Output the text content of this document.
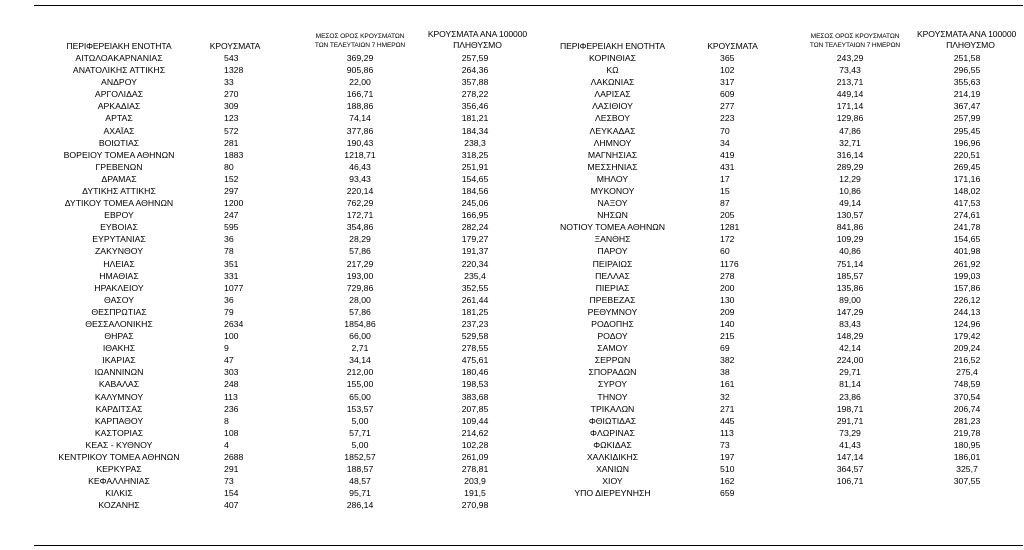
ΠΕΡΙΦΕΡΕΙΑΚΗ ΕΝΟΤΗΤΑ	ΚΡΟΥΣΜΑΤΑ
ΜΕΣΟΣ ΟΡΟΣ ΚΡΟΥΣΜΑΤΩΝ
ΤΩΝ ΤΕΛΕΥΤΑΙΩΝ 7 ΗΜΕΡΩΝ
ΚΡΟΥΣΜΑΤΑ ΑΝΑ 100000
ΠΛΗΘΥΣΜΟ
ΑΙΤΩΛΟΑΚΑΡΝΑΝΙΑΣ	543	369,29	257,59
ΑΝΑΤΟΛΙΚΗΣ ΑΤΤΙΚΗΣ	1328	905,86	264,36
ΑΝΔΡΟΥ	33	22,00	357,88
ΑΡΓΟΛΙΔΑΣ	270	166,71	278,22
ΑΡΚΑΔΙΑΣ	309	188,86	356,46
ΑΡΤΑΣ	123	74,14	181,21
ΑΧΑΪΑΣ	572	377,86	184,34
ΒΟΙΩΤΙΑΣ	281	190,43	238,3
ΒΟΡΕΙΟΥ ΤΟΜΕΑ ΑΘΗΝΩΝ	1883	1218,71	318,25
ΓΡΕΒΕΝΩΝ	80	46,43	251,91
ΔΡΑΜΑΣ	152	93,43	154,65
ΔΥΤΙΚΗΣ ΑΤΤΙΚΗΣ	297	220,14	184,56
ΔΥΤΙΚΟΥ ΤΟΜΕΑ ΑΘΗΝΩΝ	1200	762,29	245,06
ΕΒΡΟΥ	247	172,71	166,95
ΕΥΒΟΙΑΣ	595	354,86	282,24
ΕΥΡΥΤΑΝΙΑΣ	36	28,29	179,27
ΖΑΚΥΝΘΟΥ	78	57,86	191,37
ΗΛΕΙΑΣ	351	217,29	220,34
ΗΜΑΘΙΑΣ	331	193,00	235,4
ΗΡΑΚΛΕΙΟΥ	1077	729,86	352,55
ΘΑΣΟΥ	36	28,00	261,44
ΘΕΣΠΡΩΤΙΑΣ	79	57,86	181,25
ΘΕΣΣΑΛΟΝΙΚΗΣ	2634	1854,86	237,23
ΘΗΡΑΣ	100	66,00	529,58
ΙΘΑΚΗΣ	9	2,71	278,55
ΙΚΑΡΙΑΣ	47	34,14	475,61
ΙΩΑΝΝΙΝΩΝ	303	212,00	180,46
ΚΑΒΑΛΑΣ	248	155,00	198,53
ΚΑΛΥΜΝΟΥ	113	65,00	383,68
ΚΑΡΔΙΤΣΑΣ	236	153,57	207,85
ΚΑΡΠΑΘΟΥ	8	5,00	109,44
ΚΑΣΤΟΡΙΑΣ	108	57,71	214,62
ΚΕΑΣ - ΚΥΘΝΟΥ	4	5,00	102,28
ΚΕΝΤΡΙΚΟΥ ΤΟΜΕΑ ΑΘΗΝΩΝ	2688	1852,57	261,09
ΚΕΡΚΥΡΑΣ	291	188,57	278,81
ΚΕΦΑΛΛΗΝΙΑΣ	73	48,57	203,9
ΚΙΛΚΙΣ	154	95,71	191,5
ΚΟΖΑΝΗΣ	407	286,14	270,98
ΠΕΡΙΦΕΡΕΙΑΚΗ ΕΝΟΤΗΤΑ	ΚΡΟΥΣΜΑΤΑ
ΜΕΣΟΣ ΟΡΟΣ ΚΡΟΥΣΜΑΤΩΝ
ΤΩΝ ΤΕΛΕΥΤΑΙΩΝ 7 ΗΜΕΡΩΝ
ΚΡΟΥΣΜΑΤΑ ΑΝΑ 100000
ΠΛΗΘΥΣΜΟ
ΚΟΡΙΝΘΙΑΣ	365	243,29	251,58
ΚΩ	102	73,43	296,55
ΛΑΚΩΝΙΑΣ	317	213,71	355,63
ΛΑΡΙΣΑΣ	609	449,14	214,19
ΛΑΣΙΘΙΟΥ	277	171,14	367,47
ΛΕΣΒΟΥ	223	129,86	257,99
ΛΕΥΚΑΔΑΣ	70	47,86	295,45
ΛΗΜΝΟΥ	34	32,71	196,96
ΜΑΓΝΗΣΙΑΣ	419	316,14	220,51
ΜΕΣΣΗΝΙΑΣ	431	289,29	269,45
ΜΗΛΟΥ	17	12,29	171,16
ΜΥΚΟΝΟΥ	15	10,86	148,02
ΝΑΞΟΥ	87	49,14	417,53
ΝΗΣΩΝ	205	130,57	274,61
ΝΟΤΙΟΥ ΤΟΜΕΑ ΑΘΗΝΩΝ	1281	841,86	241,78
ΞΑΝΘΗΣ	172	109,29	154,65
ΠΑΡΟΥ	60	40,86	401,98
ΠΕΙΡΑΙΩΣ	1176	751,14	261,92
ΠΕΛΛΑΣ	278	185,57	199,03
ΠΙΕΡΙΑΣ	200	135,86	157,86
ΠΡΕΒΕΖΑΣ	130	89,00	226,12
ΡΕΘΥΜΝΟΥ	209	147,29	244,13
ΡΟΔΟΠΗΣ	140	83,43	124,96
ΡΟΔΟΥ	215	148,29	179,42
ΣΑΜΟΥ	69	42,14	209,24
ΣΕΡΡΩΝ	382	224,00	216,52
ΣΠΟΡΑΔΩΝ	38	29,71	275,4
ΣΥΡΟΥ	161	81,14	748,59
ΤΗΝΟΥ	32	23,86	370,54
ΤΡΙΚΑΛΩΝ	271	198,71	206,74
ΦΘΙΩΤΙΔΑΣ	445	291,71	281,23
ΦΛΩΡΙΝΑΣ	113	73,29	219,78
ΦΩΚΙΔΑΣ	73	41,43	180,95
ΧΑΛΚΙΔΙΚΗΣ	197	147,14	186,01
ΧΑΝΙΩΝ	510	364,57	325,7
ΧΙΟΥ	162	106,71	307,55
ΥΠΟ ΔΙΕΡΕΥΝΗΣΗ	659
